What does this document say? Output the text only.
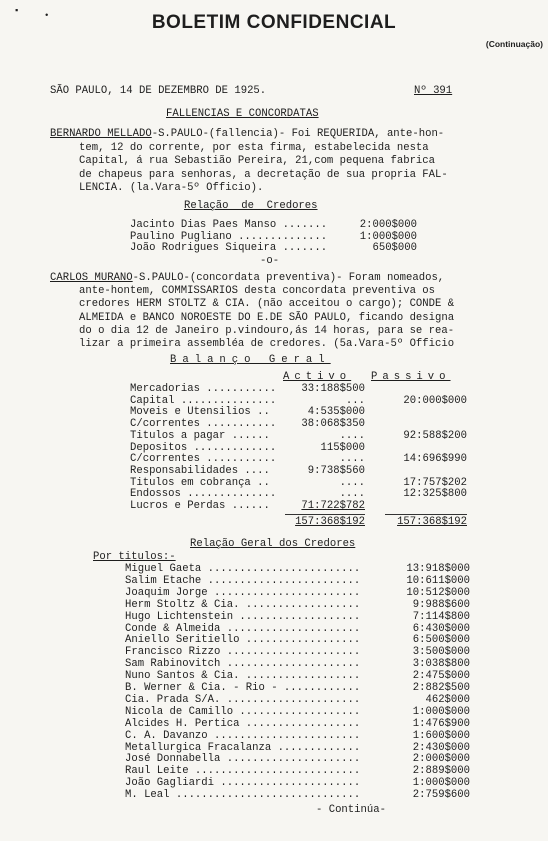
▪	•	BOLETIM CONFIDENCIAL
(Continuação)
SÃO PAULO, 14 DE DEZEMBRO DE 1925.	Nº 391
FALLENCIAS E CONCORDATAS
BERNARDO MELLADO-S.PAULO-(fallencia)- Foi REQUERIDA, ante-hon-
tem, 12 do corrente, por esta firma, estabelecida nesta
Capital, á rua Sebastião Pereira, 21,com pequena fabrica
de chapeus para senhoras, a decretação de sua propria FAL-
LENCIA. (la.Vara-5º Officio).
Relação  de  Credores
Jacinto Dias Paes Manso .......	2:000$000
Paulino Pugliano ..............	1:000$000
João Rodrigues Siqueira .......	650$000
-o-
CARLOS MURANO-S.PAULO-(concordata preventiva)- Foram nomeados,
ante-hontem, COMMISSARIOS desta concordata preventiva os
credores HERM STOLTZ & CIA. (não acceitou o cargo); CONDE &
ALMEIDA e BANCO NOROESTE DO E.DE SÃO PAULO, ficando designa
do o dia 12 de Janeiro p.vindouro,ás 14 horas, para se rea-
lizar a primeira assembléa de credores. (5a.Vara-5º Officio
Balanço Geral
Activo Passivo
Mercadorias ...........	33:188$500
Capital ...............	...	20:000$000
Moveis e Utensilios ..	4:535$000
C/correntes ...........	38:068$350
Titulos a pagar ......	....	92:588$200
Depositos .............	115$000
C/correntes ...........	....	14:696$990
Responsabilidades ....	9:738$560
Titulos em cobrança ..	....	17:757$202
Endossos ..............	....	12:325$800
Lucros e Perdas ......	71:722$782
157:368$192	157:368$192
Relação Geral dos Credores
Por titulos:-
Miguel Gaeta ........................	13:918$000
Salim Etache ........................	10:611$000
Joaquim Jorge .......................	10:512$000
Herm Stoltz & Cia. ..................	9:988$600
Hugo Lichtenstein ...................	7:114$800
Conde & Almeida .....................	6:430$000
Aniello Seritiello ..................	6:500$000
Francisco Rizzo .....................	3:500$000
Sam Rabinovitch .....................	3:038$800
Nuno Santos & Cia. ..................	2:475$000
B. Werner & Cia. - Rio - ............	2:882$500
Cia. Prada S/A. .....................	462$000
Nicola de Camillo ...................	1:000$000
Alcides H. Pertica ..................	1:476$900
C. A. Davanzo .......................	1:600$000
Metallurgica Fracalanza .............	2:430$000
José Donnabella .....................	2:000$000
Raul Leite ..........................	2:889$000
João Gagliardi ......................	1:000$000
M. Leal .............................	2:759$600
- Continúa-
